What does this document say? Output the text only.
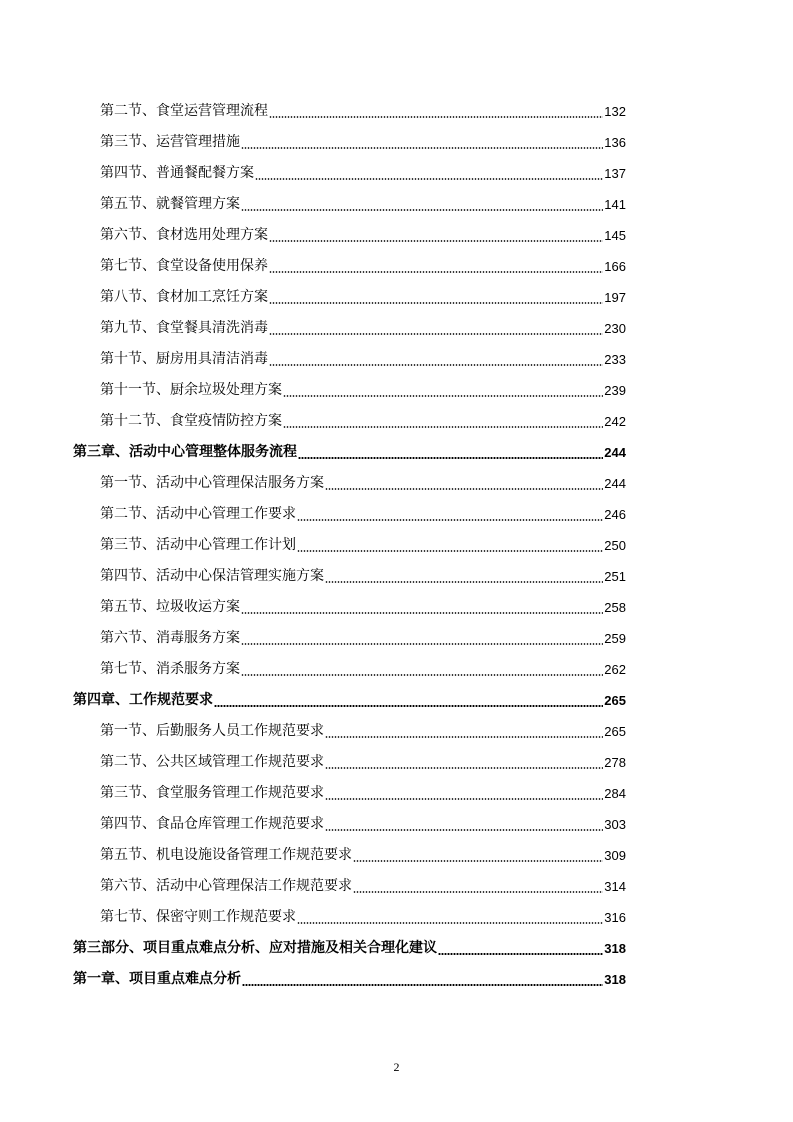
第二节、食堂运营管理流程	132
第三节、运营管理措施	136
第四节、普通餐配餐方案	137
第五节、就餐管理方案	141
第六节、食材选用处理方案	145
第七节、食堂设备使用保养	166
第八节、食材加工烹饪方案	197
第九节、食堂餐具清洗消毒	230
第十节、厨房用具清洁消毒	233
第十一节、厨余垃圾处理方案	239
第十二节、食堂疫情防控方案	242
第三章、活动中心管理整体服务流程	244
第一节、活动中心管理保洁服务方案	244
第二节、活动中心管理工作要求	246
第三节、活动中心管理工作计划	250
第四节、活动中心保洁管理实施方案	251
第五节、垃圾收运方案	258
第六节、消毒服务方案	259
第七节、消杀服务方案	262
第四章、工作规范要求	265
第一节、后勤服务人员工作规范要求	265
第二节、公共区域管理工作规范要求	278
第三节、食堂服务管理工作规范要求	284
第四节、食品仓库管理工作规范要求	303
第五节、机电设施设备管理工作规范要求	309
第六节、活动中心管理保洁工作规范要求	314
第七节、保密守则工作规范要求	316
第三部分、项目重点难点分析、应对措施及相关合理化建议	318
第一章、项目重点难点分析	318
2
